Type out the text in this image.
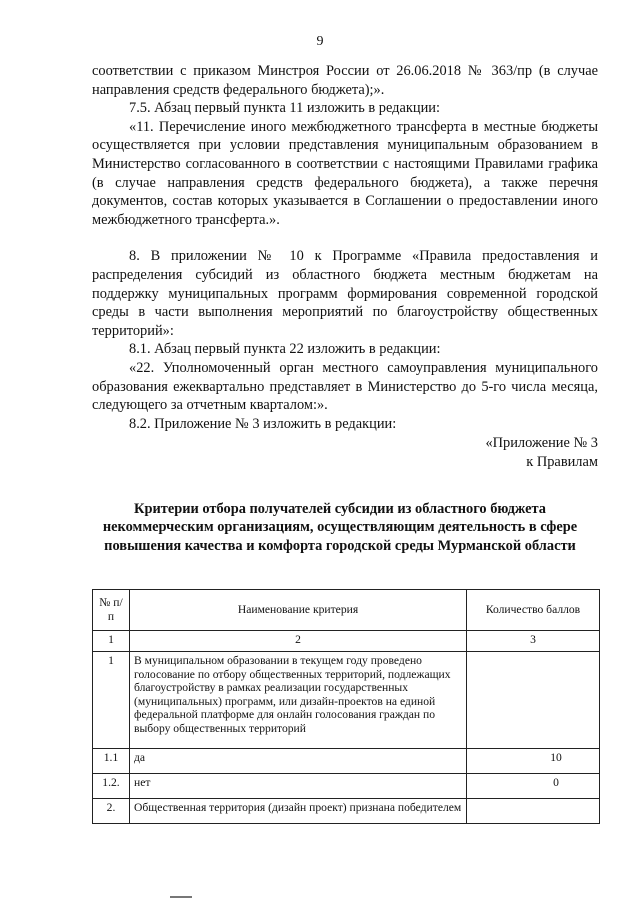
9

соответствии с приказом Минстроя России от 26.06.2018 № 363/пр (в случае направления средств федерального бюджета);».

7.5. Абзац первый пункта 11 изложить в редакции:

«11. Перечисление иного межбюджетного трансферта в местные бюджеты осуществляется при условии представления муниципальным образованием в Министерство согласованного в соответствии с настоящими Правилами графика (в случае направления средств федерального бюджета), а также перечня документов, состав которых указывается в Соглашении о предоставлении иного межбюджетного трансферта.».

8. В приложении № 10 к Программе «Правила предоставления и распределения субсидий из областного бюджета местным бюджетам на поддержку муниципальных программ формирования современной городской среды в части выполнения мероприятий по благоустройству общественных территорий»:

8.1. Абзац первый пункта 22 изложить в редакции:

«22. Уполномоченный орган местного самоуправления муниципального образования ежеквартально представляет в Министерство до 5-го числа месяца, следующего за отчетным кварталом:».

8.2. Приложение № 3 изложить в редакции:

«Приложение № 3
к Правилам
Критерии отбора получателей субсидии из областного бюджета некоммерческим организациям, осуществляющим деятельность в сфере повышения качества и комфорта городской среды Мурманской области
№ п/п	Наименование критерия	Количество баллов
1	2	3
1	В муниципальном образовании в текущем году проведено голосование по отбору общественных территорий, подлежащих благоустройству в рамках реализации государственных (муниципальных) программ, или дизайн-проектов на единой федеральной платформе для онлайн голосования граждан по выбору общественных территорий	
1.1	да	10
1.2.	нет	0
2.	Общественная территория (дизайн проект) признана победителем	
